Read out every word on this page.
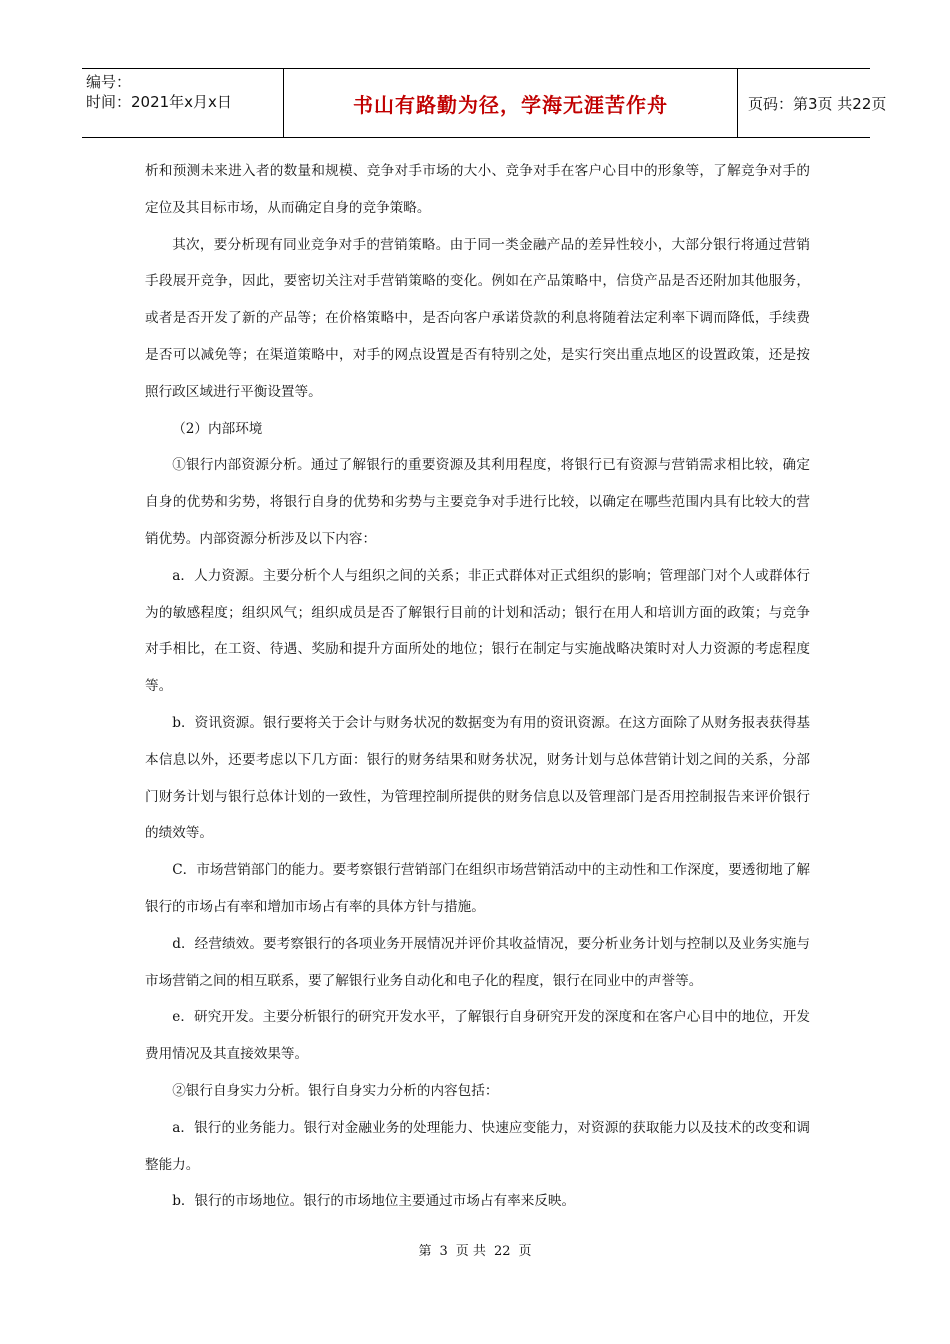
编号：
时间：2021年x月x日	书山有路勤为径，学海无涯苦作舟	页码：第3页 共22页

析和预测未来进入者的数量和规模、竞争对手市场的大小、竞争对手在客户心目中的形象等，了解竞争对手的定位及其目标市场，从而确定自身的竞争策略。

其次，要分析现有同业竞争对手的营销策略。由于同一类金融产品的差异性较小，大部分银行将通过营销手段展开竞争，因此，要密切关注对手营销策略的变化。例如在产品策略中，信贷产品是否还附加其他服务，或者是否开发了新的产品等；在价格策略中，是否向客户承诺贷款的利息将随着法定利率下调而降低，手续费是否可以减免等；在渠道策略中，对手的网点设置是否有特别之处，是实行突出重点地区的设置政策，还是按照行政区域进行平衡设置等。

（2）内部环境

①银行内部资源分析。通过了解银行的重要资源及其利用程度，将银行已有资源与营销需求相比较，确定自身的优势和劣势，将银行自身的优势和劣势与主要竞争对手进行比较，以确定在哪些范围内具有比较大的营销优势。内部资源分析涉及以下内容：

a．人力资源。主要分析个人与组织之间的关系；非正式群体对正式组织的影响；管理部门对个人或群体行为的敏感程度；组织风气；组织成员是否了解银行目前的计划和活动；银行在用人和培训方面的政策；与竞争对手相比，在工资、待遇、奖励和提升方面所处的地位；银行在制定与实施战略决策时对人力资源的考虑程度等。

b．资讯资源。银行要将关于会计与财务状况的数据变为有用的资讯资源。在这方面除了从财务报表获得基本信息以外，还要考虑以下几方面：银行的财务结果和财务状况，财务计划与总体营销计划之间的关系，分部门财务计划与银行总体计划的一致性，为管理控制所提供的财务信息以及管理部门是否用控制报告来评价银行的绩效等。

C．市场营销部门的能力。要考察银行营销部门在组织市场营销活动中的主动性和工作深度，要透彻地了解银行的市场占有率和增加市场占有率的具体方针与措施。

d．经营绩效。要考察银行的各项业务开展情况并评价其收益情况，要分析业务计划与控制以及业务实施与市场营销之间的相互联系，要了解银行业务自动化和电子化的程度，银行在同业中的声誉等。

e．研究开发。主要分析银行的研究开发水平，了解银行自身研究开发的深度和在客户心目中的地位，开发费用情况及其直接效果等。

②银行自身实力分析。银行自身实力分析的内容包括：

a．银行的业务能力。银行对金融业务的处理能力、快速应变能力，对资源的获取能力以及技术的改变和调整能力。

b．银行的市场地位。银行的市场地位主要通过市场占有率来反映。

第 3 页 共 22 页
